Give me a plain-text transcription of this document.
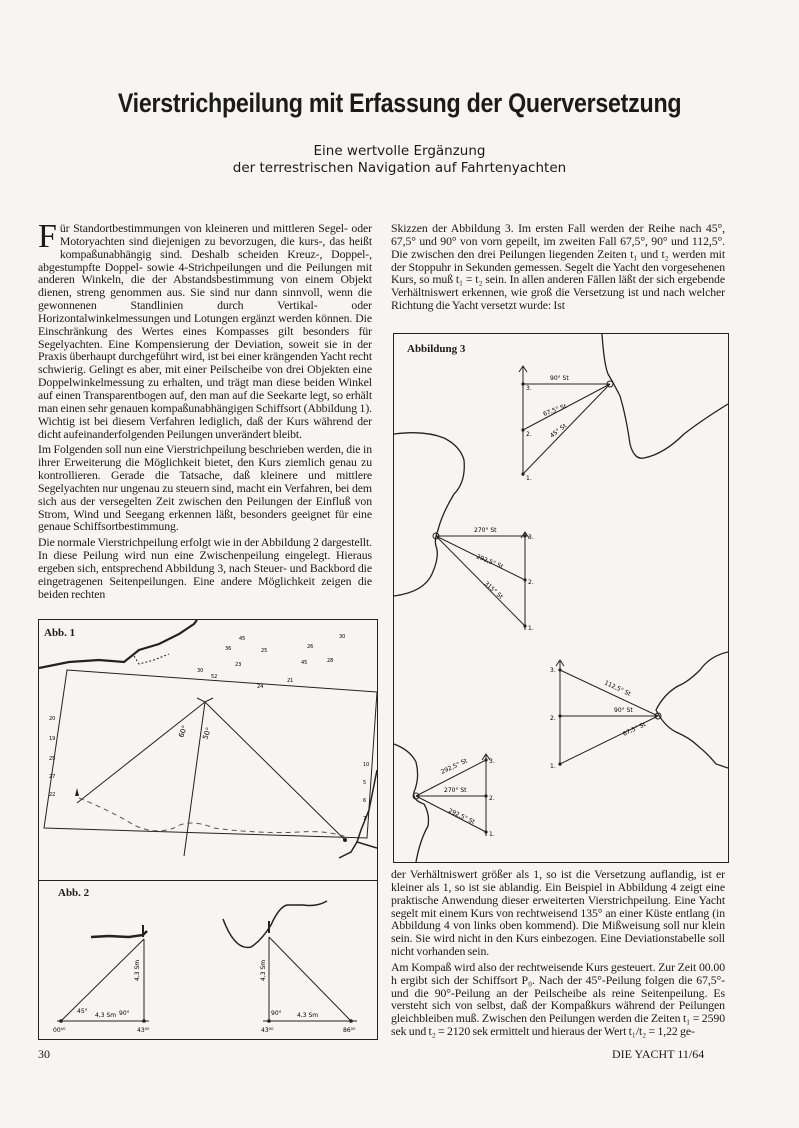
Vierstrichpeilung mit Erfassung der Querversetzung
Eine wertvolle Ergänzung
der terrestrischen Navigation auf Fahrtenyachten

Für Standortbestimmungen von kleineren und mittleren Segel- oder Motoryachten sind diejenigen zu bevorzugen, die kurs-, das heißt kompaßunabhängig sind. Deshalb scheiden Kreuz-, Doppel-, abgestumpfte Doppel- sowie 4-Strichpeilungen und die Peilungen mit anderen Winkeln, die der Abstandsbestimmung von einem Objekt dienen, streng genommen aus. Sie sind nur dann sinnvoll, wenn die gewonnenen Standlinien durch Vertikal- oder Horizontalwinkelmessungen und Lotungen ergänzt werden können. Die Einschränkung des Wertes eines Kompasses gilt besonders für Segelyachten. Eine Kompensierung der Deviation, soweit sie in der Praxis überhaupt durchgeführt wird, ist bei einer krängenden Yacht recht schwierig. Gelingt es aber, mit einer Peilscheibe von drei Objekten eine Doppelwinkelmessung zu erhalten, und trägt man diese beiden Winkel auf einen Transparentbogen auf, den man auf die Seekarte legt, so erhält man einen sehr genauen kompaßunabhängigen Schiffsort (Abbildung 1). Wichtig ist bei diesem Verfahren lediglich, daß der Kurs während der dicht aufeinanderfolgenden Peilungen unverändert bleibt.

Im Folgenden soll nun eine Vierstrichpeilung beschrieben werden, die in ihrer Erweiterung die Möglichkeit bietet, den Kurs ziemlich genau zu kontrollieren. Gerade die Tatsache, daß kleinere und mittlere Segelyachten nur ungenau zu steuern sind, macht ein Verfahren, bei dem sich aus der versegelten Zeit zwischen den Peilungen der Einfluß von Strom, Wind und Seegang erkennen läßt, besonders geeignet für eine genaue Schiffsortbestimmung.

Die normale Vierstrichpeilung erfolgt wie in der Abbildung 2 dargestellt. In diese Peilung wird nun eine Zwischenpeilung eingelegt. Hieraus ergeben sich, entsprechend Abbildung 3, nach Steuer- und Backbord die eingetragenen Seitenpeilungen. Eine andere Möglichkeit zeigen die beiden rechten

Skizzen der Abbildung 3. Im ersten Fall werden der Reihe nach 45°, 67,5° und 90° von vorn gepeilt, im zweiten Fall 67,5°, 90° und 112,5°. Die zwischen den drei Peilungen liegenden Zeiten t₁ und t₂ werden mit der Stoppuhr in Sekunden gemessen. Segelt die Yacht den vorgesehenen Kurs, so muß t₁ = t₂ sein. In allen anderen Fällen läßt der sich ergebende Verhältniswert erkennen, wie groß die Versetzung ist und nach welcher Richtung die Yacht versetzt wurde: Ist

der Verhältniswert größer als 1, so ist die Versetzung auflandig, ist er kleiner als 1, so ist sie ablandig. Ein Beispiel in Abbildung 4 zeigt eine praktische Anwendung dieser erweiterten Vierstrichpeilung. Eine Yacht segelt mit einem Kurs von rechtweisend 135° an einer Küste entlang (in Abbildung 4 von links oben kommend). Die Mißweisung soll nur klein sein. Sie wird nicht in den Kurs einbezogen. Eine Deviationstabelle soll nicht vorhanden sein.

Am Kompaß wird also der rechtweisende Kurs gesteuert. Zur Zeit 00.00 h ergibt sich der Schiffsort P₀. Nach der 45°-Peilung folgen die 67,5°- und die 90°-Peilung an der Peilscheibe als reine Seitenpeilung. Es versteht sich von selbst, daß der Kompaßkurs während der Peilungen gleichbleiben muß. Zwischen den Peilungen werden die Zeiten t₁ = 2590 sek und t₂ = 2120 sek ermittelt und hieraus der Wert t₁/t₂ = 1,22 ge-

Abb. 1
60° 50°
45
25
23
26
28
30
24
20
19
25
27
30
45
36
52
21
10
5
6
7
22
Abb. 2
45°	90°
4,3 Sm
4,3 Sm
00⁰⁰	43⁰⁰
90°	4,3 Sm
4,3 Sm
43⁰⁰	86⁰⁰
Abbildung 3
90° St
67,5° St
45° St
3.
2.
1.
270° St
292,5° St
315° St
3.
2.
1.
112,5° St
90° St
67,5° St
3.
2.
1.
292,5° St
270° St
292,5° St
3.
2.
1.
30	DIE YACHT 11/64
